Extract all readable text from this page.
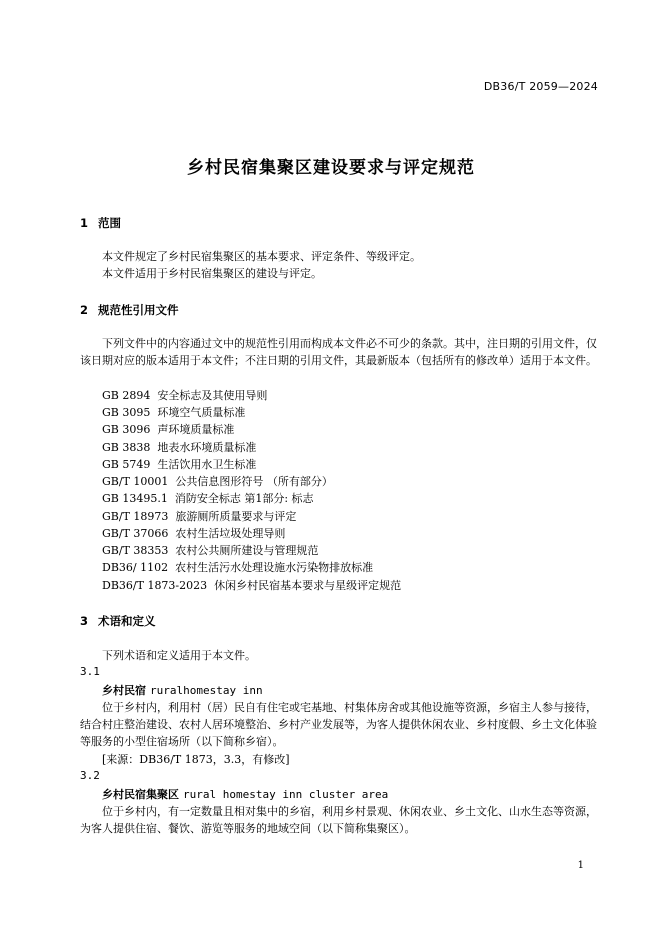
DB36/T 2059—2024
乡村民宿集聚区建设要求与评定规范
1 范围
本文件规定了乡村民宿集聚区的基本要求、评定条件、等级评定。
本文件适用于乡村民宿集聚区的建设与评定。
2 规范性引用文件
下列文件中的内容通过文中的规范性引用而构成本文件必不可少的条款。其中，注日期的引用文件，仅该日期对应的版本适用于本文件；不注日期的引用文件，其最新版本（包括所有的修改单）适用于本文件。
GB 2894  安全标志及其使用导则
GB 3095  环境空气质量标准
GB 3096  声环境质量标准
GB 3838  地表水环境质量标准
GB 5749  生活饮用水卫生标准
GB/T 10001  公共信息图形符号 （所有部分）
GB 13495.1  消防安全标志 第1部分: 标志
GB/T 18973  旅游厕所质量要求与评定
GB/T 37066  农村生活垃圾处理导则
GB/T 38353  农村公共厕所建设与管理规范
DB36/ 1102  农村生活污水处理设施水污染物排放标准
DB36/T 1873-2023  休闲乡村民宿基本要求与星级评定规范
3 术语和定义
下列术语和定义适用于本文件。
3.1
乡村民宿 ruralhomestay inn
位于乡村内，利用村（居）民自有住宅或宅基地、村集体房舍或其他设施等资源，乡宿主人参与接待，结合村庄整治建设、农村人居环境整治、乡村产业发展等，为客人提供休闲农业、乡村度假、乡土文化体验等服务的小型住宿场所（以下简称乡宿）。
[来源：DB36/T 1873，3.3，有修改]
3.2
乡村民宿集聚区 rural homestay inn cluster area
位于乡村内，有一定数量且相对集中的乡宿，利用乡村景观、休闲农业、乡土文化、山水生态等资源，为客人提供住宿、餐饮、游览等服务的地域空间（以下简称集聚区）。
1
